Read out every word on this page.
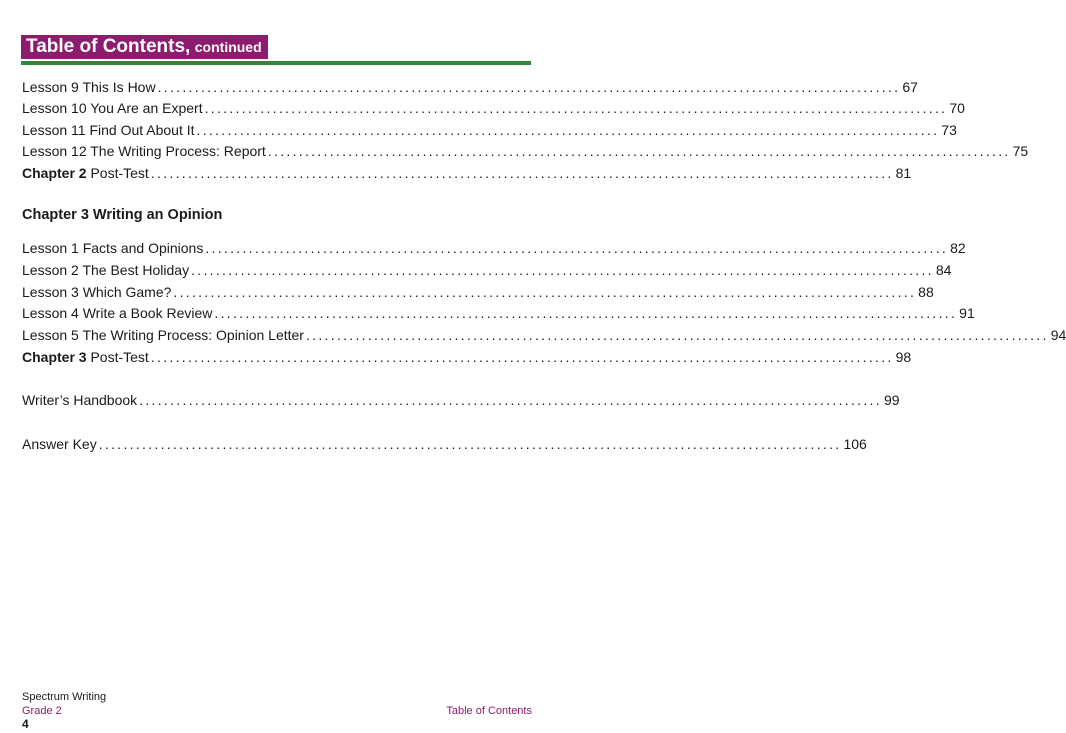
Table of Contents,
continued
Lesson 9 This Is How ........................................................................................................................ 67
Lesson 10 You Are an Expert ........................................................................................................................ 70
Lesson 11 Find Out About It ........................................................................................................................ 73
Lesson 12 The Writing Process: Report ........................................................................................................................ 75
Chapter 2 Post-Test ........................................................................................................................ 81
Chapter 3 Writing an Opinion
Lesson 1 Facts and Opinions ........................................................................................................................ 82
Lesson 2 The Best Holiday ........................................................................................................................ 84
Lesson 3 Which Game? ........................................................................................................................ 88
Lesson 4 Write a Book Review ........................................................................................................................ 91
Lesson 5 The Writing Process: Opinion Letter ........................................................................................................................ 94
Chapter 3 Post-Test ........................................................................................................................ 98
Writer’s Handbook ........................................................................................................................ 99
Answer Key ........................................................................................................................ 106
Spectrum Writing
Grade 2	Table of Contents
4
